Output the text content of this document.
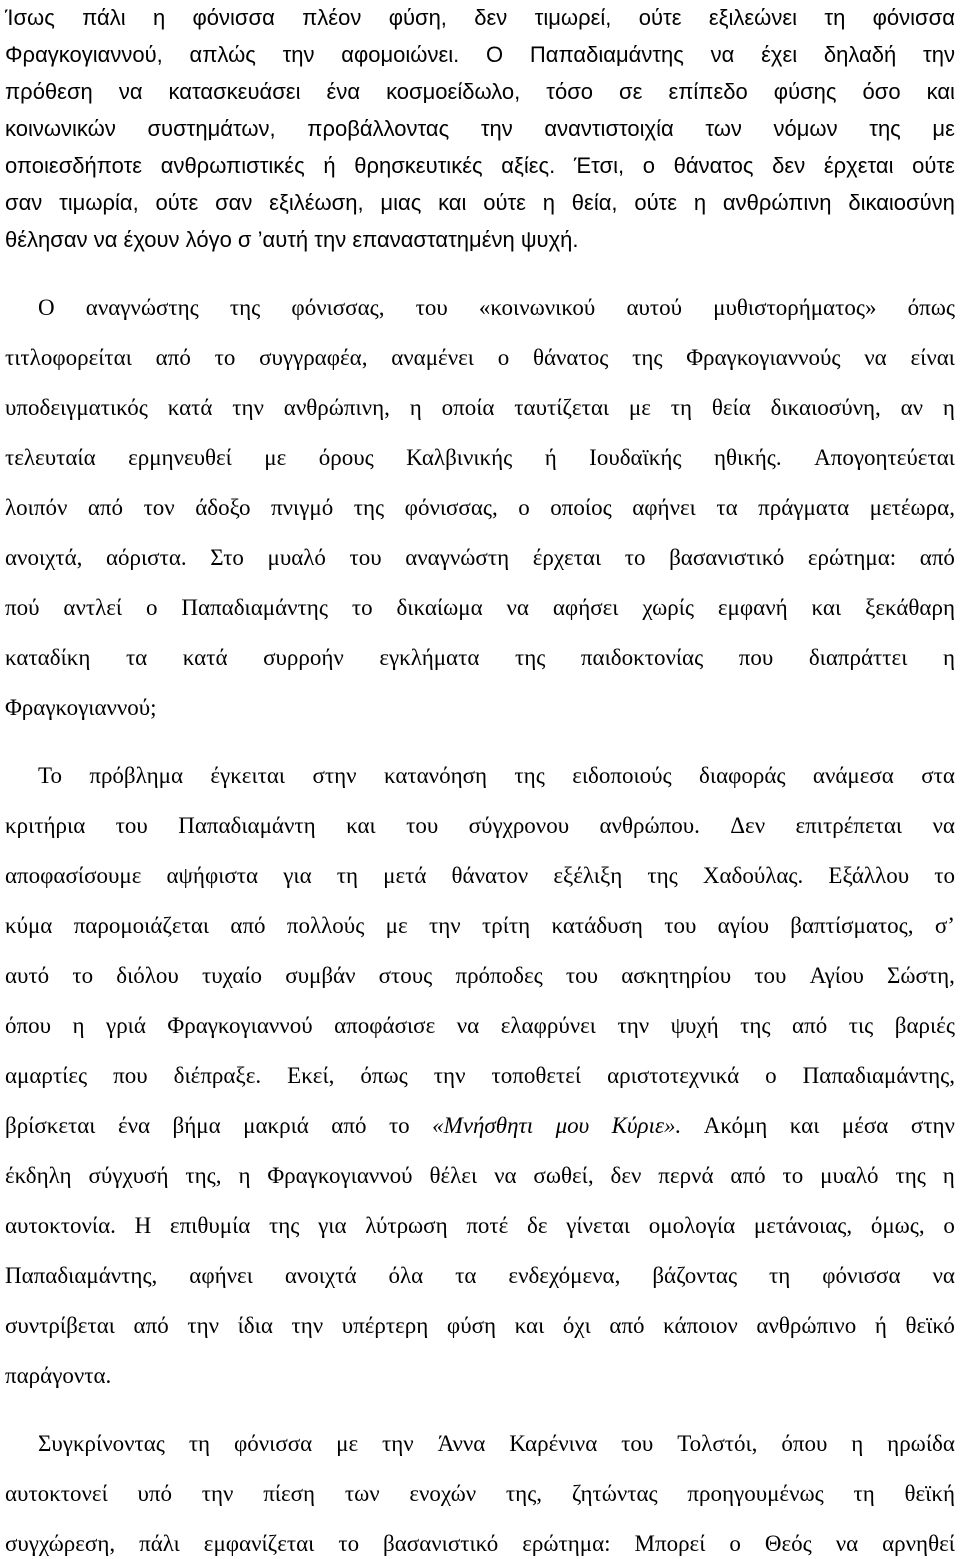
Ίσως πάλι η φόνισσα πλέον φύση, δεν τιμωρεί, ούτε εξιλεώνει τη φόνισσα
Φραγκογιαννού, απλώς την αφομοιώνει. Ο Παπαδιαμάντης να έχει δηλαδή την
πρόθεση να κατασκευάσει ένα κοσμοείδωλο, τόσο σε επίπεδο φύσης όσο και
κοινωνικών συστημάτων, προβάλλοντας την αναντιστοιχία των νόμων της με
οποιεσδήποτε ανθρωπιστικές ή θρησκευτικές αξίες. Έτσι, ο θάνατος δεν έρχεται ούτε
σαν τιμωρία, ούτε σαν εξιλέωση, μιας και ούτε η θεία, ούτε η ανθρώπινη δικαιοσύνη
θέλησαν να έχουν λόγο σ ’αυτή την επαναστατημένη ψυχή.
Ο αναγνώστης της φόνισσας, του «κοινωνικού αυτού μυθιστορήματος» όπως
τιτλοφορείται από το συγγραφέα, αναμένει ο θάνατος της Φραγκογιαννούς να είναι
υποδειγματικός κατά την ανθρώπινη, η οποία ταυτίζεται με τη θεία δικαιοσύνη, αν η
τελευταία ερμηνευθεί με όρους Καλβινικής ή Ιουδαϊκής ηθικής. Απογοητεύεται
λοιπόν από τον άδοξο πνιγμό της φόνισσας, ο οποίος αφήνει τα πράγματα μετέωρα,
ανοιχτά, αόριστα. Στο μυαλό του αναγνώστη έρχεται το βασανιστικό ερώτημα: από
πού αντλεί ο Παπαδιαμάντης το δικαίωμα να αφήσει χωρίς εμφανή και ξεκάθαρη
καταδίκη τα κατά συρροήν εγκλήματα της παιδοκτονίας που διαπράττει η
Φραγκογιαννού;
Το πρόβλημα έγκειται στην κατανόηση της ειδοποιούς διαφοράς ανάμεσα στα
κριτήρια του Παπαδιαμάντη και του σύγχρονου ανθρώπου. Δεν επιτρέπεται να
αποφασίσουμε αψήφιστα για τη μετά θάνατον εξέλιξη της Χαδούλας. Εξάλλου το
κύμα παρομοιάζεται από πολλούς με την τρίτη κατάδυση του αγίου βαπτίσματος, σ’
αυτό το διόλου τυχαίο συμβάν στους πρόποδες του ασκητηρίου του Αγίου Σώστη,
όπου η γριά Φραγκογιαννού αποφάσισε να ελαφρύνει την ψυχή της από τις βαριές
αμαρτίες που διέπραξε. Εκεί, όπως την τοποθετεί αριστοτεχνικά ο Παπαδιαμάντης,
βρίσκεται ένα βήμα μακριά από το «Μνήσθητι μου Κύριε». Ακόμη και μέσα στην
έκδηλη σύγχυσή της, η Φραγκογιαννού θέλει να σωθεί, δεν περνά από το μυαλό της η
αυτοκτονία. Η επιθυμία της για λύτρωση ποτέ δε γίνεται ομολογία μετάνοιας, όμως, ο
Παπαδιαμάντης, αφήνει ανοιχτά όλα τα ενδεχόμενα, βάζοντας τη φόνισσα να
συντρίβεται από την ίδια την υπέρτερη φύση και όχι από κάποιον ανθρώπινο ή θεϊκό
παράγοντα.
Συγκρίνοντας τη φόνισσα με την Άννα Καρένινα του Τολστόι, όπου η ηρωίδα
αυτοκτονεί υπό την πίεση των ενοχών της, ζητώντας προηγουμένως τη θεϊκή
συγχώρεση, πάλι εμφανίζεται το βασανιστικό ερώτημα: Μπορεί ο Θεός να αρνηθεί
